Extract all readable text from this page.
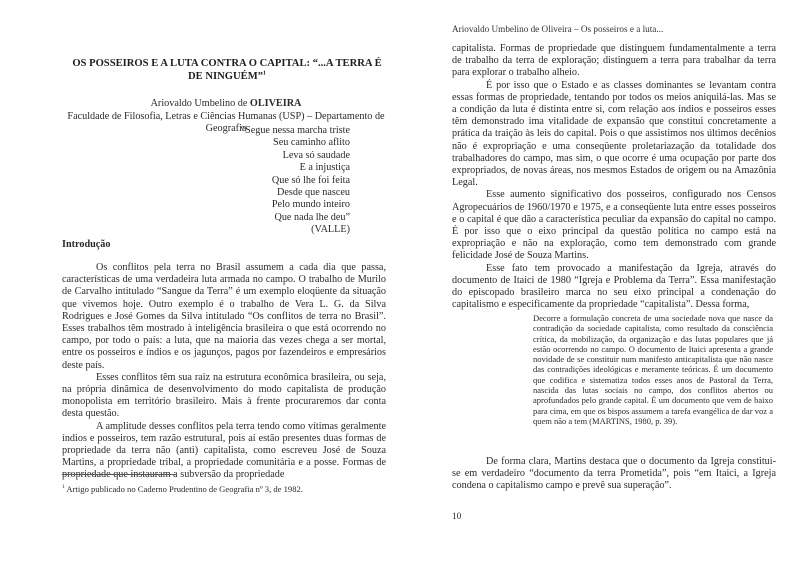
OS POSSEIROS E A LUTA CONTRA O CAPITAL: “...A TERRA É DE NINGUÉM”$^1$
Ariovaldo Umbelino de OLIVEIRA
Faculdade de Filosofia, Letras e Ciências Humanas (USP) – Departamento de Geografia
“Segue nessa marcha triste
Seu caminho aflito
Leva só saudade
E a injustiça
Que só lhe foi feita
Desde que nasceu
Pelo mundo inteiro
Que nada lhe deu”
(VALLE)
Introdução

Os conflitos pela terra no Brasil assumem a cada dia que passa, características de uma verdadeira luta armada no campo. O trabalho de Murilo de Carvalho intitulado “Sangue da Terra” é um exemplo eloqüente da situação que vivemos hoje. Outro exemplo é o trabalho de Vera L. G. da Silva Rodrigues e José Gomes da Silva intitulado “Os conflitos de terra no Brasil”. Esses trabalhos têm mostrado à inteligência brasileira o que está ocorrendo no campo, por todo o país: a luta, que na maioria das vezes chega a ser mortal, entre os posseiros e índios e os jagunços, pagos por fazendeiros e empresários deste país.

Esses conflitos têm sua raiz na estrutura econômica brasileira, ou seja, na própria dinâmica de desenvolvimento do modo capitalista de produção monopolista em território brasileiro. Mais à frente procuraremos dar conta desta questão.

A amplitude desses conflitos pela terra tendo como vítimas geralmente índios e posseiros, tem razão estrutural, pois aí estão presentes duas formas de propriedade da terra não (anti) capitalista, como escreveu José de Souza Martins, a propriedade tribal, a propriedade comunitária e a posse. Formas de propriedade que instauram a subversão da propriedade

$^1$ Artigo publicado no Caderno Prudentino de Geografia nº 3, de 1982.
Ariovaldo Umbelino de Oliveira – Os posseiros e a luta...

capitalista. Formas de propriedade que distinguem fundamentalmente a terra de trabalho da terra de exploração; distinguem a terra para trabalhar da terra para explorar o trabalho alheio.

É por isso que o Estado e as classes dominantes se levantam contra essas formas de propriedade, tentando por todos os meios aniquilá-las. Mas se a condição da luta é distinta entre si, com relação aos índios e posseiros esses têm demonstrado ima vitalidade de expansão que constitui concretamente a prática da traição às leis do capital. Pois o que assistimos nos últimos decênios não é expropriação e uma conseqüente proletariazação da totalidade dos trabalhadores do campo, mas sim, o que ocorre é uma ocupação por parte dos expropriados, de novas áreas, nos mesmos Estados de origem ou na Amazônia Legal.

Esse aumento significativo dos posseiros, configurado nos Censos Agropecuários de 1960/1970 e 1975, e a conseqüente luta entre esses posseiros e o capital é que dão a característica peculiar da expansão do capital no campo. É por isso que o eixo principal da questão política no campo está na expropriação e não na exploração, como tem demonstrado com grande felicidade José de Souza Martins.

Esse fato tem provocado a manifestação da Igreja, através do documento de Itaici de 1980 “Igreja e Problema da Terra”. Essa manifestação do episcopado brasileiro marca no seu eixo principal a condenação do capitalismo e especificamente da propriedade “capitalista”. Dessa forma,

Decorre a formulação concreta de uma sociedade nova que nasce da contradição da sociedade capitalista, como resultado da consciência crítica, da mobilização, da organização e das lutas populares que já estão ocorrendo no campo. O documento de Itaici apresenta a grande novidade de se constituir num manifesto anticapitalista que não nasce das contradições ideológicas e meramente teóricas. É um documento que codifica e sistematiza todos esses anos de Pastoral da Terra, nascida das lutas sociais no campo, dos conflitos abertos ou aprofundados pelo grande capital. É um documento que vem de baixo para cima, em que os bispos assumem a tarefa evangélica de dar voz a quem não a tem (MARTINS, 1980, p. 39).

De forma clara, Martins destaca que o documento da Igreja constitui-se em verdadeiro “documento da terra Prometida”, pois “em Itaici, a Igreja condena o capitalismo campo e prevê sua superação”.

10
